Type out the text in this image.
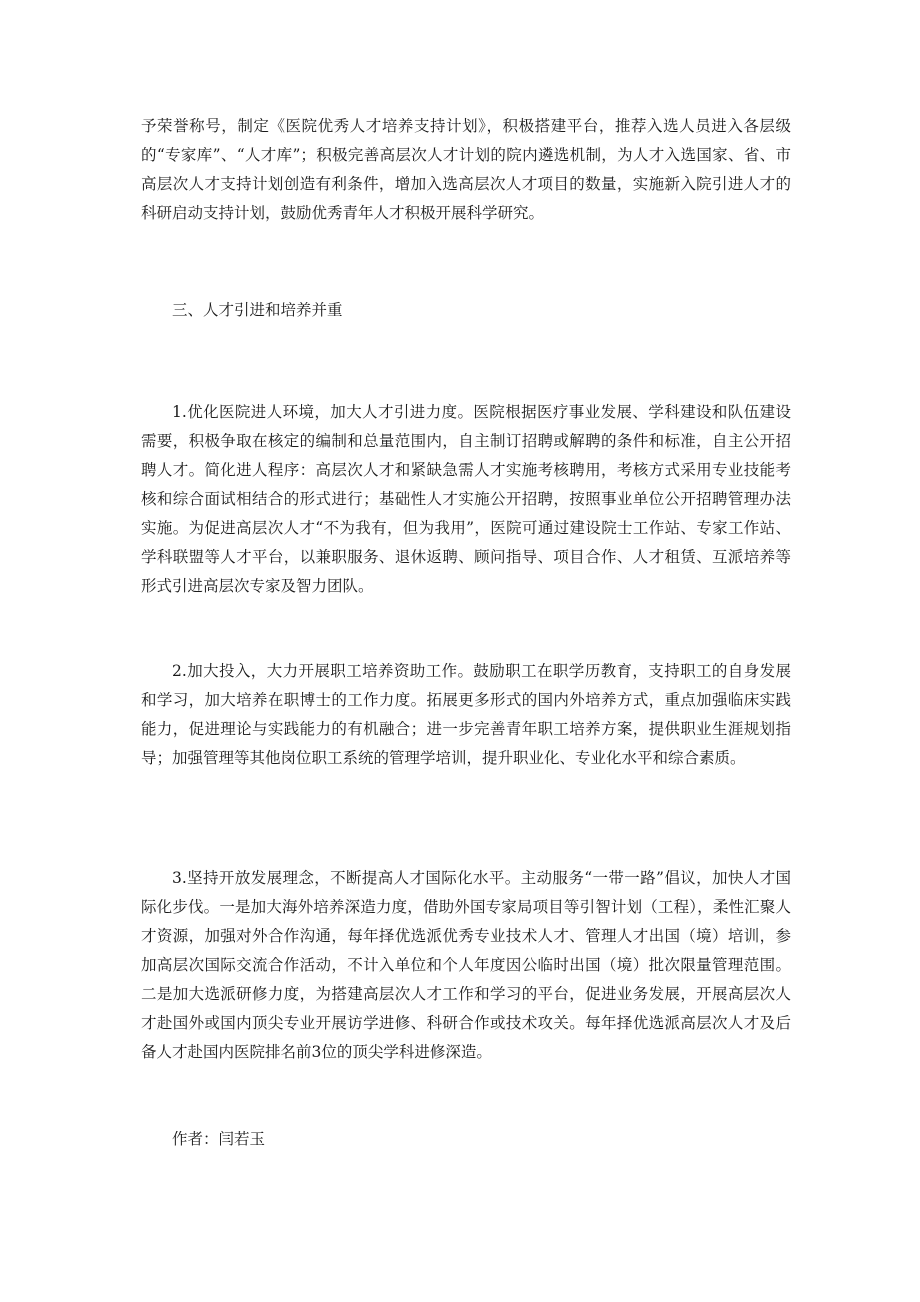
予荣誉称号，制定《医院优秀人才培养支持计划》，积极搭建平台，推荐入选人员进入各层级的“专家库”、“人才库”；积极完善高层次人才计划的院内遴选机制，为人才入选国家、省、市高层次人才支持计划创造有利条件，增加入选高层次人才项目的数量，实施新入院引进人才的科研启动支持计划，鼓励优秀青年人才积极开展科学研究。

三、人才引进和培养并重

1.优化医院进人环境，加大人才引进力度。医院根据医疗事业发展、学科建设和队伍建设需要，积极争取在核定的编制和总量范围内，自主制订招聘或解聘的条件和标准，自主公开招聘人才。简化进人程序：高层次人才和紧缺急需人才实施考核聘用，考核方式采用专业技能考核和综合面试相结合的形式进行；基础性人才实施公开招聘，按照事业单位公开招聘管理办法实施。为促进高层次人才“不为我有，但为我用”，医院可通过建设院士工作站、专家工作站、学科联盟等人才平台，以兼职服务、退休返聘、顾问指导、项目合作、人才租赁、互派培养等形式引进高层次专家及智力团队。

2.加大投入，大力开展职工培养资助工作。鼓励职工在职学历教育，支持职工的自身发展和学习，加大培养在职博士的工作力度。拓展更多形式的国内外培养方式，重点加强临床实践能力，促进理论与实践能力的有机融合；进一步完善青年职工培养方案，提供职业生涯规划指导；加强管理等其他岗位职工系统的管理学培训，提升职业化、专业化水平和综合素质。

3.坚持开放发展理念，不断提高人才国际化水平。主动服务“一带一路”倡议，加快人才国际化步伐。一是加大海外培养深造力度，借助外国专家局项目等引智计划（工程），柔性汇聚人才资源，加强对外合作沟通，每年择优选派优秀专业技术人才、管理人才出国（境）培训，参加高层次国际交流合作活动，不计入单位和个人年度因公临时出国（境）批次限量管理范围。二是加大选派研修力度，为搭建高层次人才工作和学习的平台，促进业务发展，开展高层次人才赴国外或国内顶尖专业开展访学进修、科研合作或技术攻关。每年择优选派高层次人才及后备人才赴国内医院排名前3位的顶尖学科进修深造。

作者：闫若玉
